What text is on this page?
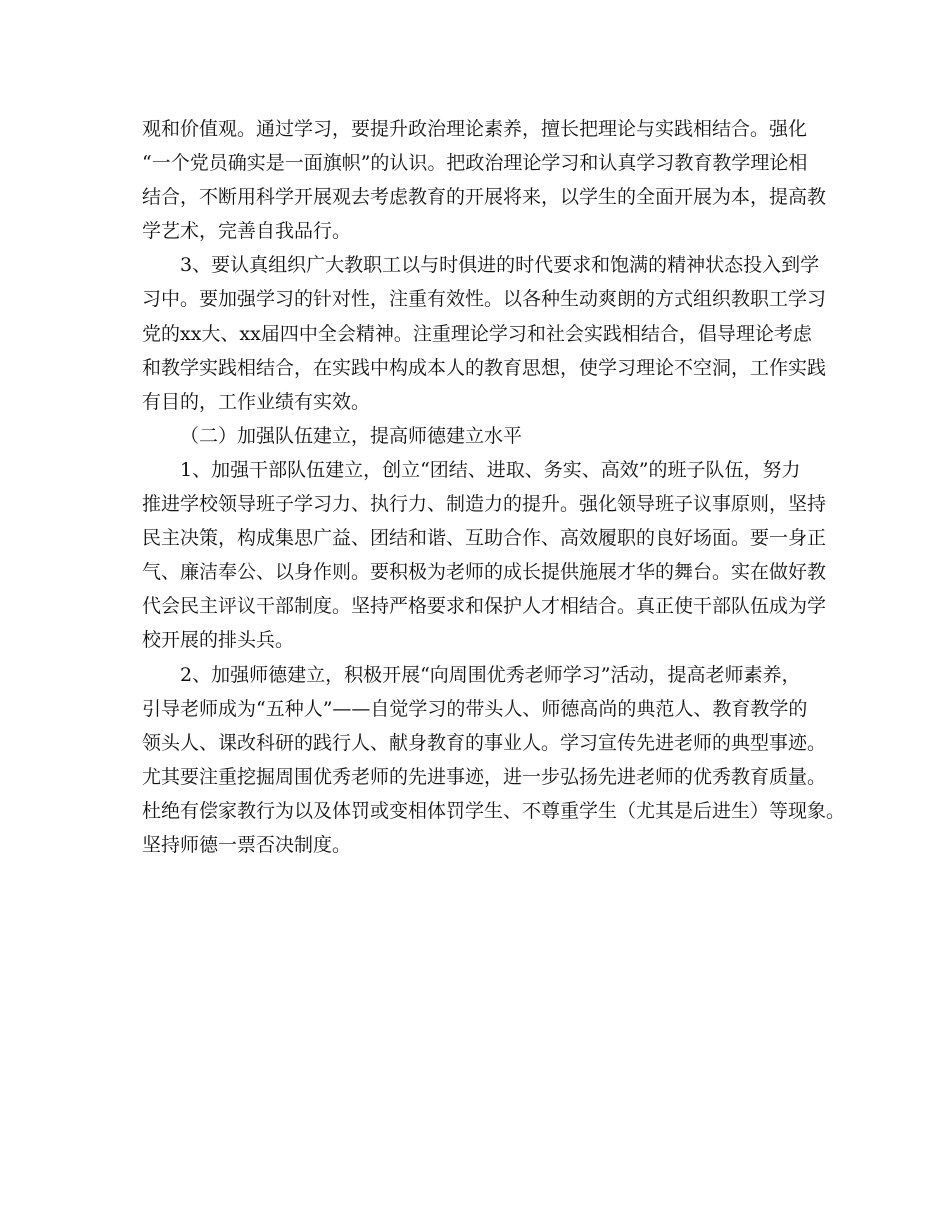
观和价值观。通过学习，要提升政治理论素养，擅长把理论与实践相结合。强化

“一个党员确实是一面旗帜”的认识。把政治理论学习和认真学习教育教学理论相

结合，不断用科学开展观去考虑教育的开展将来，以学生的全面开展为本，提高教

学艺术，完善自我品行。

3、要认真组织广大教职工以与时俱进的时代要求和饱满的精神状态投入到学

习中。要加强学习的针对性，注重有效性。以各种生动爽朗的方式组织教职工学习

党的xx大、xx届四中全会精神。注重理论学习和社会实践相结合，倡导理论考虑

和教学实践相结合，在实践中构成本人的教育思想，使学习理论不空洞，工作实践

有目的，工作业绩有实效。

（二）加强队伍建立，提高师德建立水平

1、加强干部队伍建立，创立“团结、进取、务实、高效”的班子队伍，努力

推进学校领导班子学习力、执行力、制造力的提升。强化领导班子议事原则，坚持

民主决策，构成集思广益、团结和谐、互助合作、高效履职的良好场面。要一身正

气、廉洁奉公、以身作则。要积极为老师的成长提供施展才华的舞台。实在做好教

代会民主评议干部制度。坚持严格要求和保护人才相结合。真正使干部队伍成为学

校开展的排头兵。

2、加强师德建立，积极开展“向周围优秀老师学习”活动，提高老师素养，

引导老师成为“五种人”——自觉学习的带头人、师德高尚的典范人、教育教学的

领头人、课改科研的践行人、献身教育的事业人。学习宣传先进老师的典型事迹。

尤其要注重挖掘周围优秀老师的先进事迹，进一步弘扬先进老师的优秀教育质量。

杜绝有偿家教行为以及体罚或变相体罚学生、不尊重学生（尤其是后进生）等现象。

坚持师德一票否决制度。
